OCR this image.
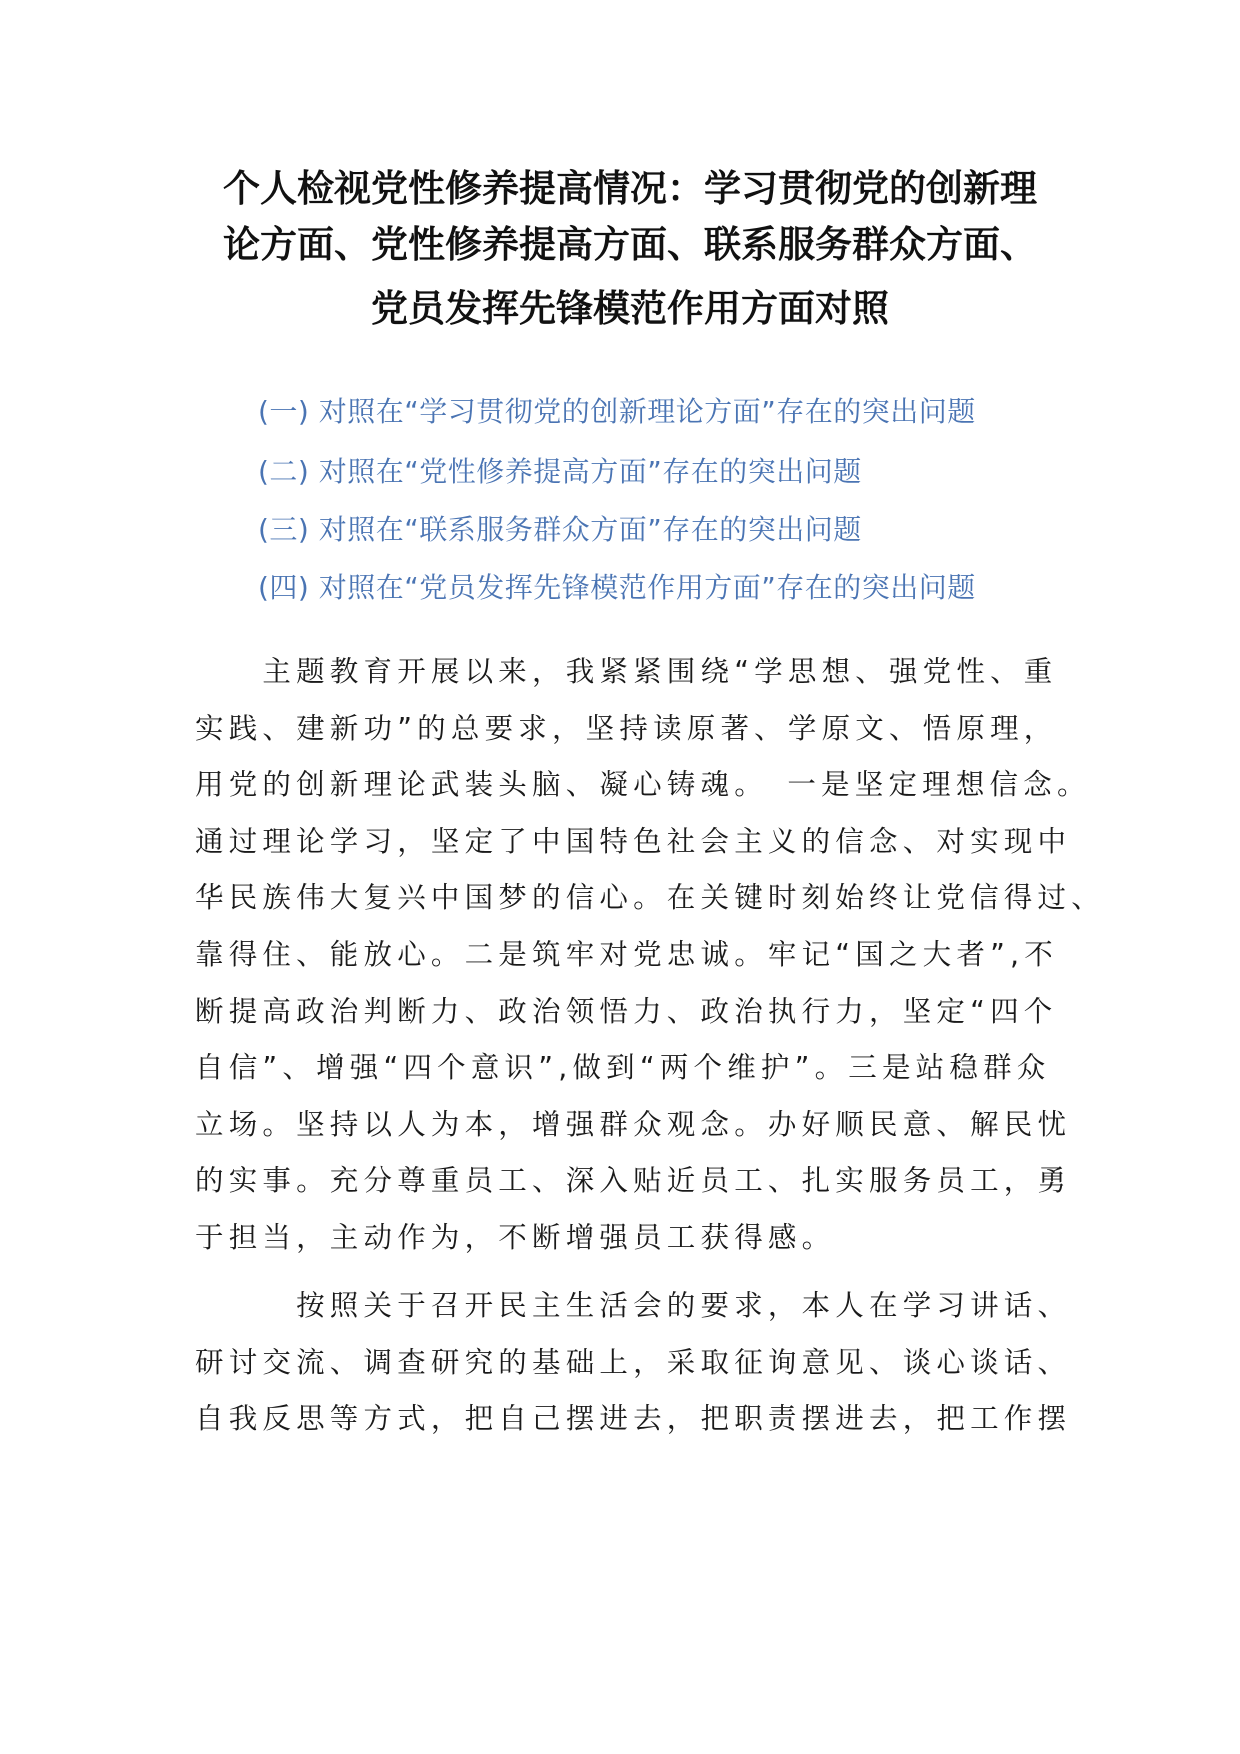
个人检视党性修养提高情况：学习贯彻党的创新理
论方面、党性修养提高方面、联系服务群众方面、
党员发挥先锋模范作用方面对照
(一) 对照在“学习贯彻党的创新理论方面”存在的突出问题
(二) 对照在“党性修养提高方面”存在的突出问题
(三) 对照在“联系服务群众方面”存在的突出问题
(四) 对照在“党员发挥先锋模范作用方面”存在的突出问题

　　主题教育开展以来，我紧紧围绕“学思想、强党性、重
实践、建新功”的总要求，坚持读原著、学原文、悟原理，
用党的创新理论武装头脑、凝心铸魂。　一是坚定理想信念。
通过理论学习，坚定了中国特色社会主义的信念、对实现中
华民族伟大复兴中国梦的信心。在关键时刻始终让党信得过、
靠得住、能放心。二是筑牢对党忠诚。牢记“国之大者”,不
断提高政治判断力、政治领悟力、政治执行力，坚定“四个
自信”、增强“四个意识”,做到“两个维护”。三是站稳群众
立场。坚持以人为本，增强群众观念。办好顺民意、解民忧
的实事。充分尊重员工、深入贴近员工、扎实服务员工，勇
于担当，主动作为，不断增强员工获得感。

　　　按照关于召开民主生活会的要求，本人在学习讲话、
研讨交流、调查研究的基础上，采取征询意见、谈心谈话、
自我反思等方式，把自己摆进去，把职责摆进去，把工作摆
